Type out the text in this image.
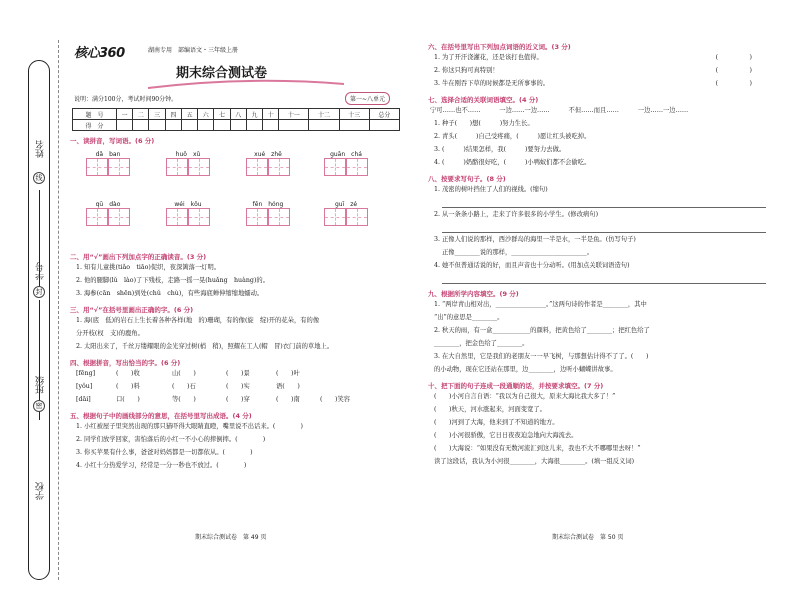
姓名
学号
班级
学校
线
封
密
核心360	湖南专用　部编语文・三年级上册
期末综合测试卷
说明：满分100分，考试时间90分钟。	第一~八单元
题　号	一	二	三	四	五	六	七	八	九	十	十一	十二	十三	总分
得　分														
一、读拼音，写词语。(6 分)
dǎ　ban	huǒ　xǔ	xué　zhě	guān　chá
qū　dào	wéi　kǒu	fēn　hóng	guī　zé
二、用“√”画出下列加点字的正确读音。(3 分)
1. 知有儿童挑(tiǎo　tiāo)促织，夜深篱落一灯明。
2. 他的腿脚(lǔ　lào)了下残枝，走路一摇一晃(huǎng　huàng)的。
3. 海参(cān　shēn)到处(chǔ　chù)，有些海底蝉伸缩缩地蠕动。
三、用“√”在括号里画出正确的字。(6 分)
1. 海(底　低)的岩石上生长着各种各样(地　的)珊瑚，有的像(旋　绽)开的花朵，有的像
分开枝(杈　支)的鹿角。
2. 太阳出来了，千丝万缕耀眼的金光穿过树(梢　稍)，照耀在工人(帽　冒)衣门前的草地上。
四、根据拼音，写出恰当的字。(6 分)
[fēng]	(　　)收	山(　　)	(　　)景	(　　)叶
[yǒu]	(　　)料	(　　)石	(　　)实	语(　　)
[dāi]	口(　　)	等(　　)	(　　)穿	(　　)南	(　　)笑容
五、根据句子中的画线部分的意思，在括号里写出成语。(4 分)
1. 小红被屋子里突然出现的那只猫吓得大眼睛直瞪，嘴里说不出话来。(　　　　)
2. 同学们放学回家，害怕落后的小红一不小心的摔倒摔。(　　　　)
3. 你买苹果有什么事，爸爸对妈妈都是一切都依从。(　　　　)
4. 小红十分热爱学习，经常是一分一秒也不放过。(　　　　)
期末综合测试卷　第 49 页
六、在括号里写出下列加点词语的近义词。(3 分)
1. 为了开汗浇灌花，还是该打也值得。	(　　　　　)
2. 你这只狗可真特别！	(　　　　　)
3. 牛在刚吞下草的时候都是无所事事的。	(　　　　　)
七、选择合适的关联词语填空。(4 分)
宁可……也不……　　　一边……一边……　　　不但……而且……　　　一边……一边……
1. 种子(　　)想(　　　)努力生长。
2. 青头(　　　)自己受疼痛，(　　　)愿让红头被吃掉。
3. (　　　)结果怎样，我(　　　)要努力去做。
4. (　　　)奶酪很好吃，(　　　)小鸭蚁们都不会偷吃。
八、按要求写句子。(8 分)
1. 茂密的树叶挡住了人们的视线。(缩句)
2. 从一条条小路上，走来了许多很多的小学生。(修改病句)
3. 正像人们说的那样，西沙群岛的海里一半是水，一半是鱼。(仿写句子)
正像________说的那样，________________________。
4. 她不但普通话说的好，而且声音也十分动听。(用加点关联词语造句)
九、根据所学内容填空。(9 分)
1. “两岸青山相对出，________________。”这两句诗的作者是________，其中
“出”的意思是________。
2. 秋天的雨，有一盒____________的颜料，把黄色给了________；把红色给了
________，把金色给了________。
3. 在大自然里，它是我们的老朋友一一早飞树，与那想估计得不了了。(　　)
的小动物，现在它还站在那里，边________，边听小蝴蝶讲故事。
十、把下面的句子连成一段通顺的话，并按要求填空。(7 分)
(　　)小河自言自语：“我以为自己很大，原来大海比我大多了！”
(　　)秋天，河水涨起来，河面变宽了。
(　　)河到了大海，他来到了不知道的地方。
(　　)小河很骄傲，它日日夜夜迫急地向大海流去。
(　　)大海说：“如果没有无数河流汇到这儿来，我也不大不哪哪里去呀！”
读了这段话，我认为小河很________，大海很________。(填一组反义词)
期末综合测试卷　第 50 页
